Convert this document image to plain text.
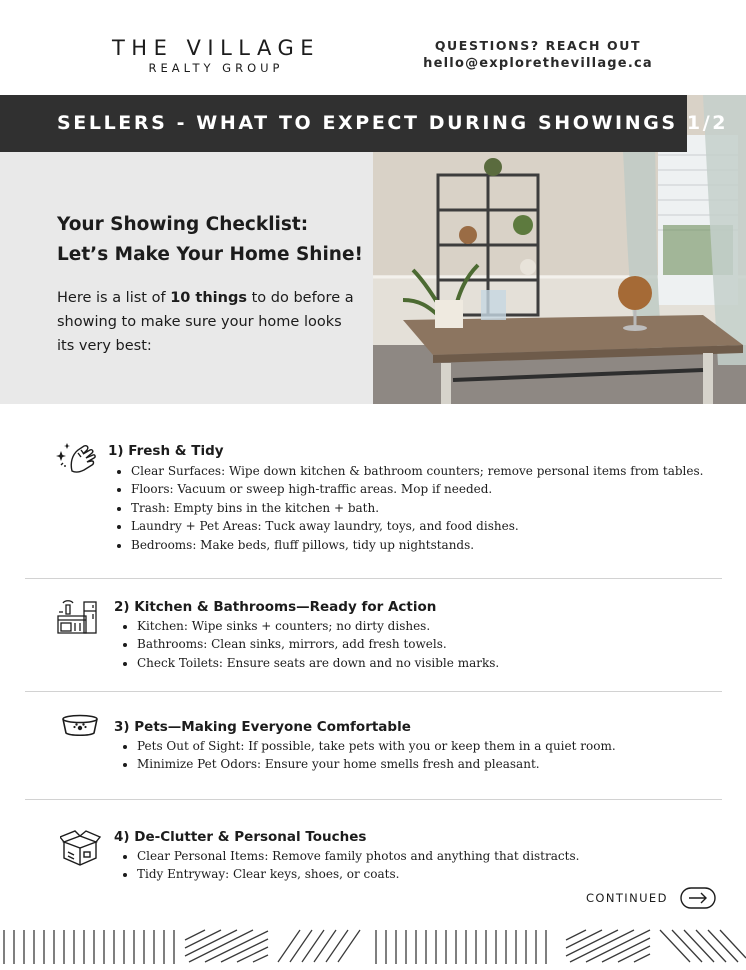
THE VILLAGE
REALTY GROUP
QUESTIONS? REACH OUT
hello@explorethevillage.ca
SELLERS - WHAT TO EXPECT DURING SHOWINGS 1/2
Your Showing Checklist:
Let’s Make Your Home Shine!
Here is a list of 10 things to do before a showing to make sure your home looks its very best:
1) Fresh & Tidy
• Clear Surfaces: Wipe down kitchen & bathroom counters; remove personal items from tables.
• Floors: Vacuum or sweep high-traffic areas. Mop if needed.
• Trash: Empty bins in the kitchen + bath.
• Laundry + Pet Areas: Tuck away laundry, toys, and food dishes.
• Bedrooms: Make beds, fluff pillows, tidy up nightstands.
2) Kitchen & Bathrooms—Ready for Action
• Kitchen: Wipe sinks + counters; no dirty dishes.
• Bathrooms: Clean sinks, mirrors, add fresh towels.
• Check Toilets: Ensure seats are down and no visible marks.
3) Pets—Making Everyone Comfortable
• Pets Out of Sight: If possible, take pets with you or keep them in a quiet room.
• Minimize Pet Odors: Ensure your home smells fresh and pleasant.
4) De-Clutter & Personal Touches
• Clear Personal Items: Remove family photos and anything that distracts.
• Tidy Entryway: Clear keys, shoes, or coats.
CONTINUED
